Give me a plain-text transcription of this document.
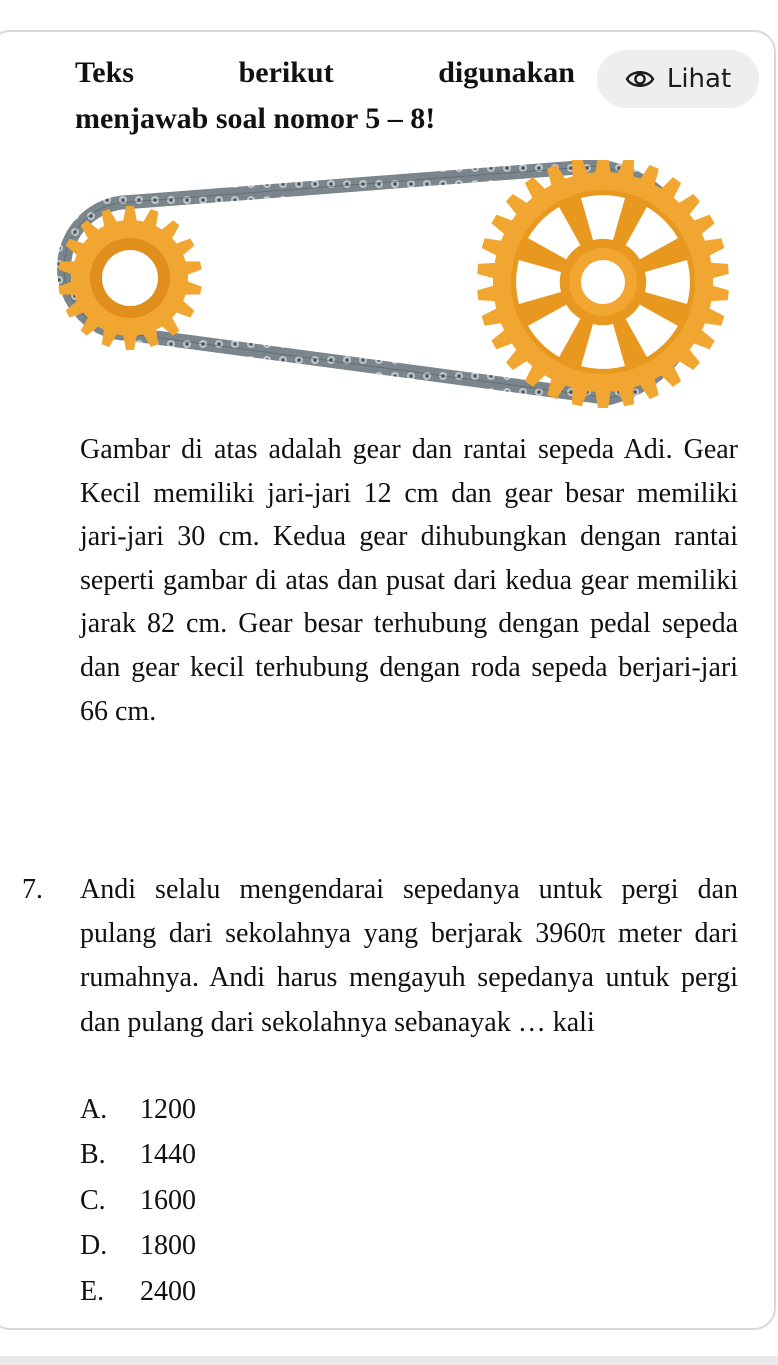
Teks berikut digunakan
menjawab soal nomor 5 – 8!
Lihat
Gambar di atas adalah gear dan rantai sepeda Adi. Gear Kecil memiliki jari-jari 12 cm dan gear besar memiliki jari-jari 30 cm. Kedua gear dihubungkan dengan rantai seperti gambar di atas dan pusat dari kedua gear memiliki jarak 82 cm. Gear besar terhubung dengan pedal sepeda dan gear kecil terhubung dengan roda sepeda berjari-jari 66 cm.
7. Andi selalu mengendarai sepedanya untuk pergi dan pulang dari sekolahnya yang berjarak 3960π meter dari rumahnya. Andi harus mengayuh sepedanya untuk pergi dan pulang dari sekolahnya sebanayak … kali
A.	1200
B.	1440
C.	1600
D.	1800
E.	2400
